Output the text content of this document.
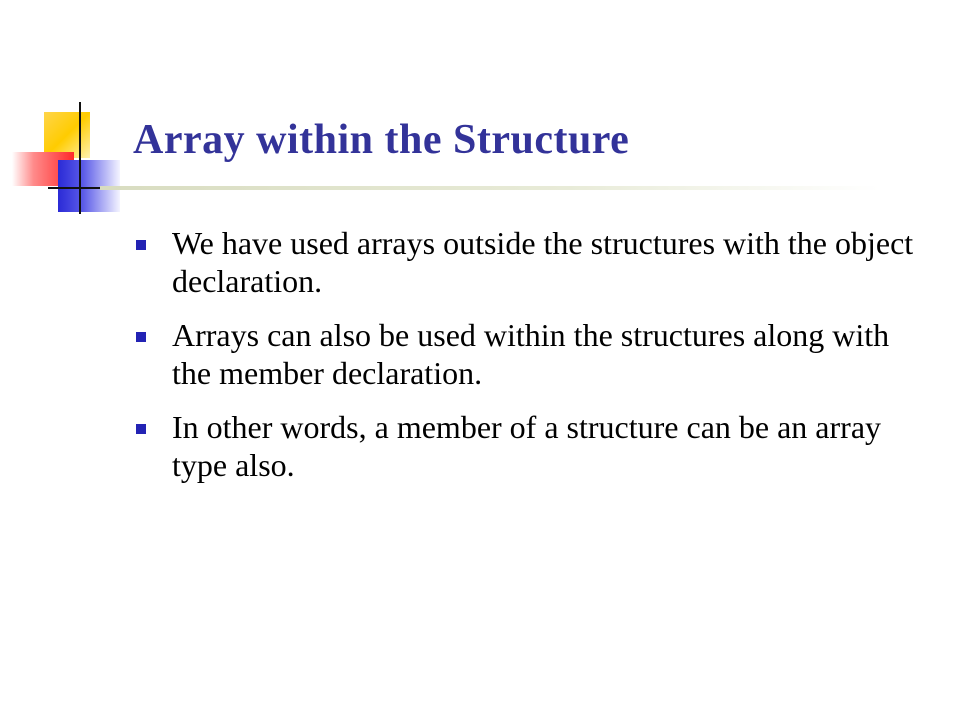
Array within the Structure
We have used arrays outside the structures with the object declaration.
Arrays can also be used within the structures along with the member declaration.
In other words, a member of a structure can be an array type also.
